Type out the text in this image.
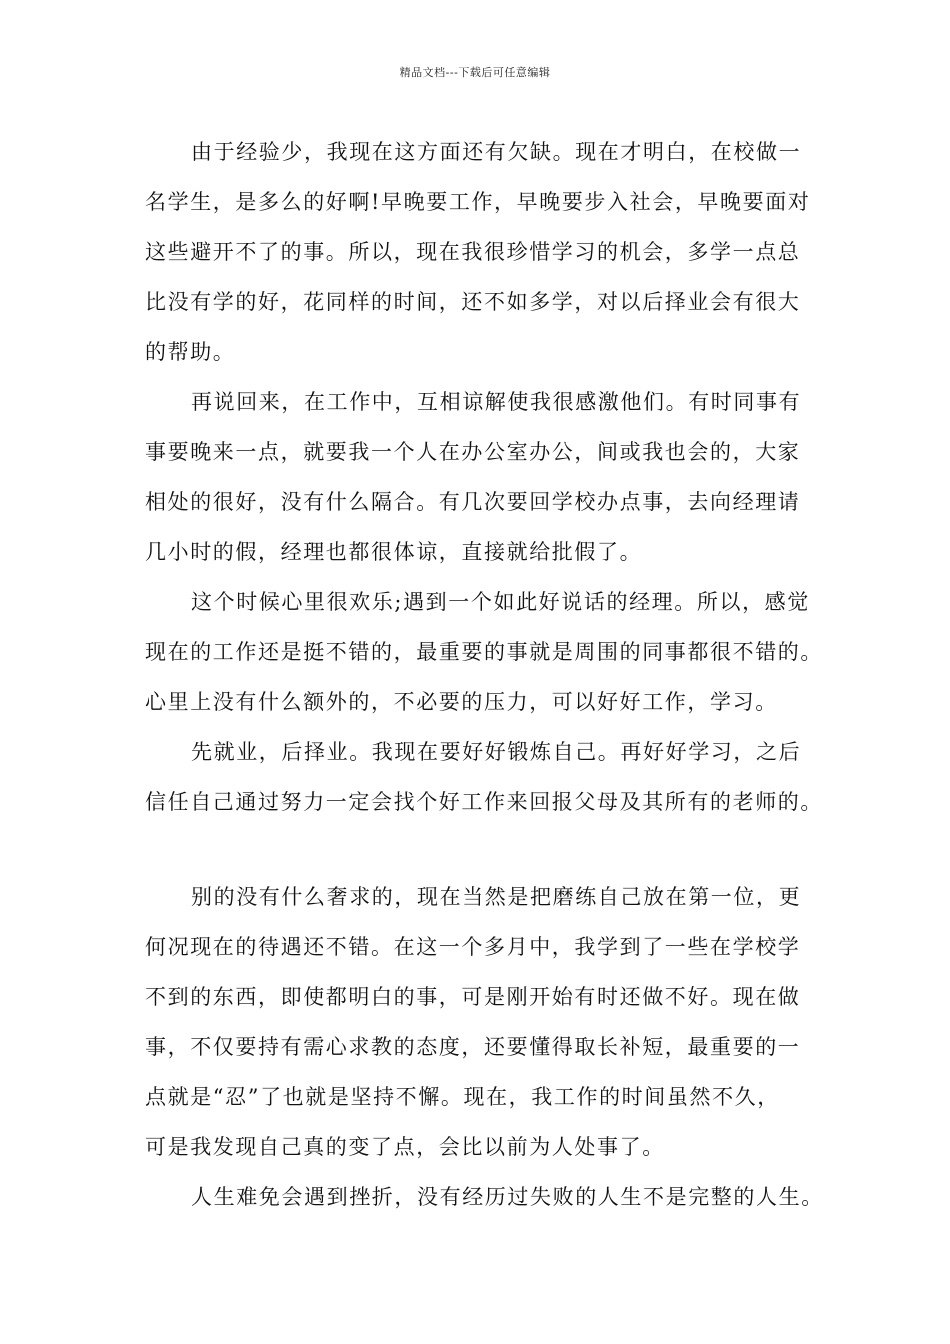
精品文档---下载后可任意编辑
由于经验少，我现在这方面还有欠缺。现在才明白，在校做一
名学生，是多么的好啊!早晚要工作，早晚要步入社会，早晚要面对
这些避开不了的事。所以，现在我很珍惜学习的机会，多学一点总
比没有学的好，花同样的时间，还不如多学，对以后择业会有很大
的帮助。
再说回来，在工作中，互相谅解使我很感激他们。有时同事有
事要晚来一点，就要我一个人在办公室办公，间或我也会的，大家
相处的很好，没有什么隔合。有几次要回学校办点事，去向经理请
几小时的假，经理也都很体谅，直接就给批假了。
这个时候心里很欢乐;遇到一个如此好说话的经理。所以，感觉
现在的工作还是挺不错的，最重要的事就是周围的同事都很不错的。
心里上没有什么额外的，不必要的压力，可以好好工作，学习。
先就业，后择业。我现在要好好锻炼自己。再好好学习，之后
信任自己通过努力一定会找个好工作来回报父母及其所有的老师的。
别的没有什么奢求的，现在当然是把磨练自己放在第一位，更
何况现在的待遇还不错。在这一个多月中，我学到了一些在学校学
不到的东西，即使都明白的事，可是刚开始有时还做不好。现在做
事，不仅要持有需心求教的态度，还要懂得取长补短，最重要的一
点就是“忍”了也就是坚持不懈。现在，我工作的时间虽然不久，
可是我发现自己真的变了点，会比以前为人处事了。
人生难免会遇到挫折，没有经历过失败的人生不是完整的人生。
